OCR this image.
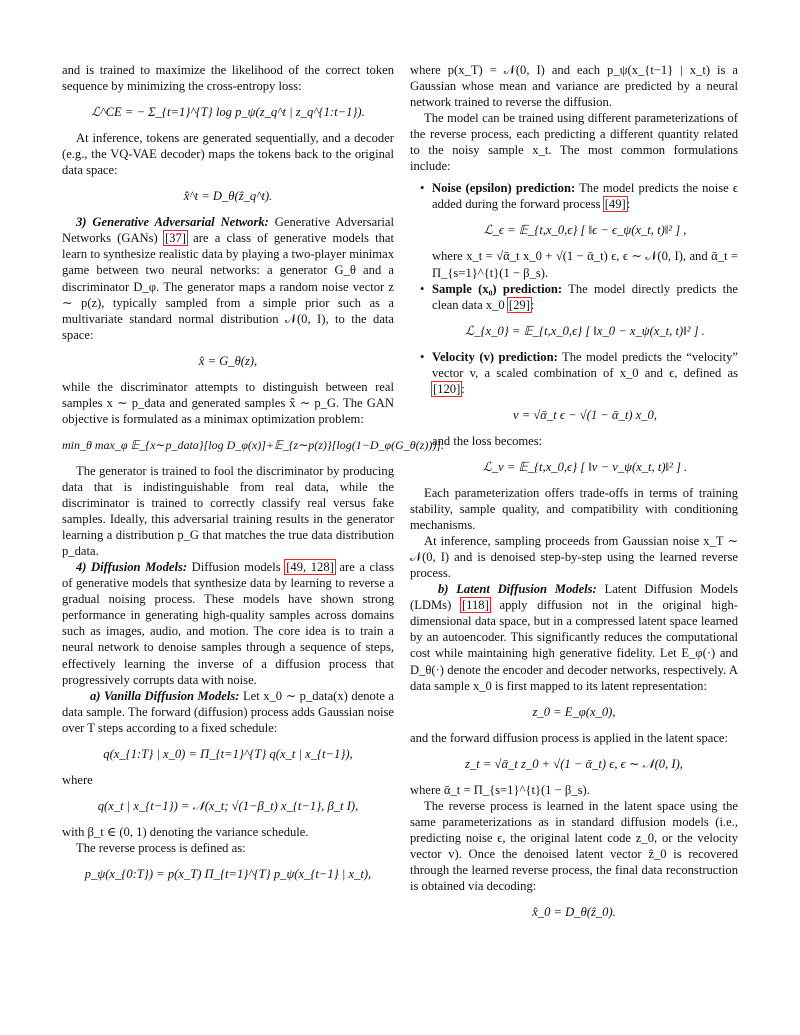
and is trained to maximize the likelihood of the correct token sequence by minimizing the cross-entropy loss:

ℒ^CE = − Σ_{t=1}^{T} log p_ψ(z_q^t | z_q^{1:t−1}).

At inference, tokens are generated sequentially, and a decoder (e.g., the VQ-VAE decoder) maps the tokens back to the original data space:

x̂^t = D_θ(ẑ_q^t).

3) Generative Adversarial Network: Generative Adversarial Networks (GANs) [37] are a class of generative models that learn to synthesize realistic data by playing a two-player minimax game between two neural networks: a generator G_θ and a discriminator D_φ. The generator maps a random noise vector z ∼ p(z), typically sampled from a simple prior such as a multivariate standard normal distribution 𝒩(0, I), to the data space:

x̂ = G_θ(z),

while the discriminator attempts to distinguish between real samples x ∼ p_data and generated samples x̂ ∼ p_G. The GAN objective is formulated as a minimax optimization problem:

min_θ max_φ 𝔼_{x∼p_data}[log D_φ(x)]+𝔼_{z∼p(z)}[log(1−D_φ(G_θ(z)))].

The generator is trained to fool the discriminator by producing data that is indistinguishable from real data, while the discriminator is trained to correctly classify real versus fake samples. Ideally, this adversarial training results in the generator learning a distribution p_G that matches the true data distribution p_data.

4) Diffusion Models: Diffusion models [49, 128] are a class of generative models that synthesize data by learning to reverse a gradual noising process. These models have shown strong performance in generating high-quality samples across domains such as images, audio, and motion. The core idea is to train a neural network to denoise samples through a sequence of steps, effectively learning the inverse of a diffusion process that progressively corrupts data with noise.

a) Vanilla Diffusion Models: Let x_0 ∼ p_data(x) denote a data sample. The forward (diffusion) process adds Gaussian noise over T steps according to a fixed schedule:

q(x_{1:T} | x_0) = Π_{t=1}^{T} q(x_t | x_{t−1}),

where

q(x_t | x_{t−1}) = 𝒩(x_t; √(1−β_t) x_{t−1}, β_t I),

with β_t ∈ (0, 1) denoting the variance schedule.

The reverse process is defined as:

p_ψ(x_{0:T}) = p(x_T) Π_{t=1}^{T} p_ψ(x_{t−1} | x_t),

where p(x_T) = 𝒩(0, I) and each p_ψ(x_{t−1} | x_t) is a Gaussian whose mean and variance are predicted by a neural network trained to reverse the diffusion.

The model can be trained using different parameterizations of the reverse process, each predicting a different quantity related to the noisy sample x_t. The most common formulations include:

• Noise (epsilon) prediction: The model predicts the noise ϵ added during the forward process [49]:
ℒ_ϵ = 𝔼_{t,x_0,ϵ} [ ‖ϵ − ϵ_ψ(x_t, t)‖² ] ,

where x_t = √ᾱ_t x_0 + √(1 − ᾱ_t) ϵ, ϵ ∼ 𝒩(0, I), and ᾱ_t = Π_{s=1}^{t}(1 − β_s).

• Sample (x₀) prediction: The model directly predicts the clean data x_0 [29]:
ℒ_{x_0} = 𝔼_{t,x_0,ϵ} [ ‖x_0 − x_ψ(x_t, t)‖² ] .
• Velocity (v) prediction: The model predicts the “velocity” vector v, a scaled combination of x_0 and ϵ, defined as [120]:
v = √ᾱ_t ϵ − √(1 − ᾱ_t) x_0,

and the loss becomes:

ℒ_v = 𝔼_{t,x_0,ϵ} [ ‖v − v_ψ(x_t, t)‖² ] .

Each parameterization offers trade-offs in terms of training stability, sample quality, and compatibility with conditioning mechanisms.

At inference, sampling proceeds from Gaussian noise x_T ∼ 𝒩(0, I) and is denoised step-by-step using the learned reverse process.

b) Latent Diffusion Models: Latent Diffusion Models (LDMs) [118] apply diffusion not in the original high-dimensional data space, but in a compressed latent space learned by an autoencoder. This significantly reduces the computational cost while maintaining high generative fidelity. Let E_φ(·) and D_θ(·) denote the encoder and decoder networks, respectively. A data sample x_0 is first mapped to its latent representation:

z_0 = E_φ(x_0),

and the forward diffusion process is applied in the latent space:

z_t = √ᾱ_t z_0 + √(1 − ᾱ_t) ϵ, ϵ ∼ 𝒩(0, I),

where ᾱ_t = Π_{s=1}^{t}(1 − β_s).

The reverse process is learned in the latent space using the same parameterizations as in standard diffusion models (i.e., predicting noise ϵ, the original latent code z_0, or the velocity vector v). Once the denoised latent vector ẑ_0 is recovered through the learned reverse process, the final data reconstruction is obtained via decoding:

x̂_0 = D_θ(ẑ_0).
